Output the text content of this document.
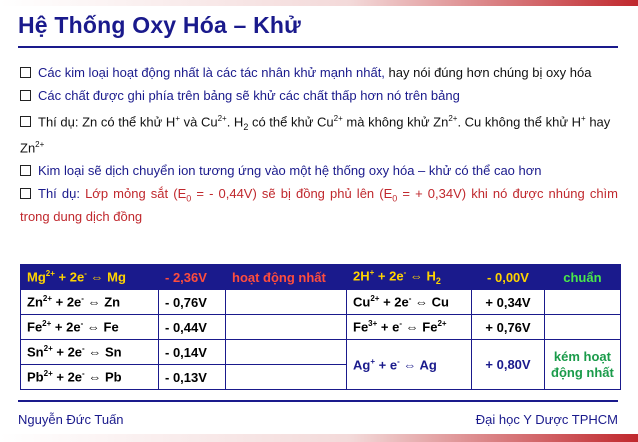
Hệ Thống Oxy Hóa – Khử
Các kim loại hoạt động nhất là các tác nhân khử mạnh nhất, hay nói đúng hơn chúng bị oxy hóa
Các chất được ghi phía trên bảng sẽ khử các chất thấp hơn nó trên bảng
Thí dụ: Zn có thể khử H+ và $Cu^{2+}$. $H_2$ có thể khử $Cu^{2+}$ mà không khử $Zn^{2+}$. Cu không thể khử H+ hay $Zn^{2+}$
Kim loại sẽ dịch chuyển ion tương ứng vào một hệ thống oxy hóa – khử có thể cao hơn
Thí dụ: Lớp mỏng sắt ($E_0$ = - 0,44V) sẽ bị đồng phủ lên ($E_0$ = + 0,34V) khi nó được nhúng chìm trong dung dịch đồng
$Mg^{2+} + 2e^-$ ⇔ Mg	- 2,36V	hoạt động nhất	2H+ + 2e- ⇔ $H_2$	- 0,00V	chuẩn
$Zn^{2+} + 2e^-$ ⇔ Zn	- 0,76V		$Cu^{2+} + 2e^-$ ⇔ Cu	+ 0,34V	
$Fe^{2+} + 2e^-$ ⇔ Fe	- 0,44V		$Fe^{3+} + e^-$ ⇔ $Fe^{2+}$	+ 0,76V	
$Sn^{2+} + 2e^-$ ⇔ Sn	- 0,14V		Ag+ + e- ⇔ Ag	+ 0,80V	kém hoạt
động nhất
$Pb^{2+} + 2e^-$ ⇔ Pb	- 0,13V				
Nguyễn Đức Tuấn	Đại học Y Dược TPHCM
